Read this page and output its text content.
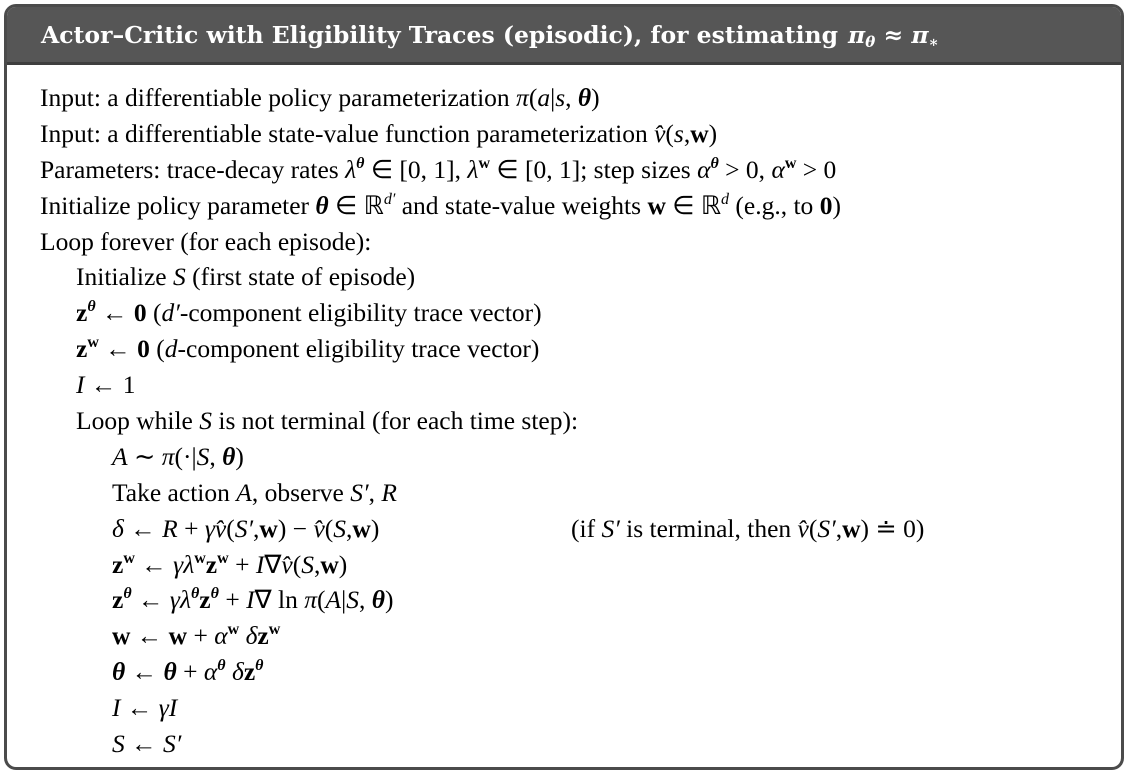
Actor–Critic with Eligibility Traces (episodic), for estimating $\pi_\theta \approx \pi_∗$
Input: a differentiable policy parameterization π(a|s, θ)
Input: a differentiable state-value function parameterization v̂(s,w)
Parameters: trace-decay rates $\lambda^\theta$ ∈ [0, 1], $\lambda^w$ ∈ [0, 1]; step sizes $\alpha^\theta > 0$, $\alpha^w > 0$
Initialize policy parameter θ ∈ ℝ$^{d'}$ and state-value weights w ∈ ℝ$^d$ (e.g., to 0)
Loop forever (for each episode):
Initialize S (first state of episode)
$z^\theta$ ← 0 (d′-component eligibility trace vector)
$z^w$ ← 0 (d-component eligibility trace vector)
I ← 1
Loop while S is not terminal (for each time step):
A ∼ π(·|S, θ)
Take action A, observe S′, R
δ ← R + γv̂(S′,w) − v̂(S,w)	(if S′ is terminal, then v̂(S′,w) ≐ 0)
$z^w$ ← $\gamma\lambda^wz^w$ + I∇v̂(S,w)
$z^\theta$ ← $\gamma\lambda^\theta z^\theta + I\nabla$ ln π(A|S, θ)
w ← $w + \alpha^w$ $\delta z^w$
θ ← $\theta + \alpha^\theta$ $\delta z^\theta$
I ← γI
S ← S′
